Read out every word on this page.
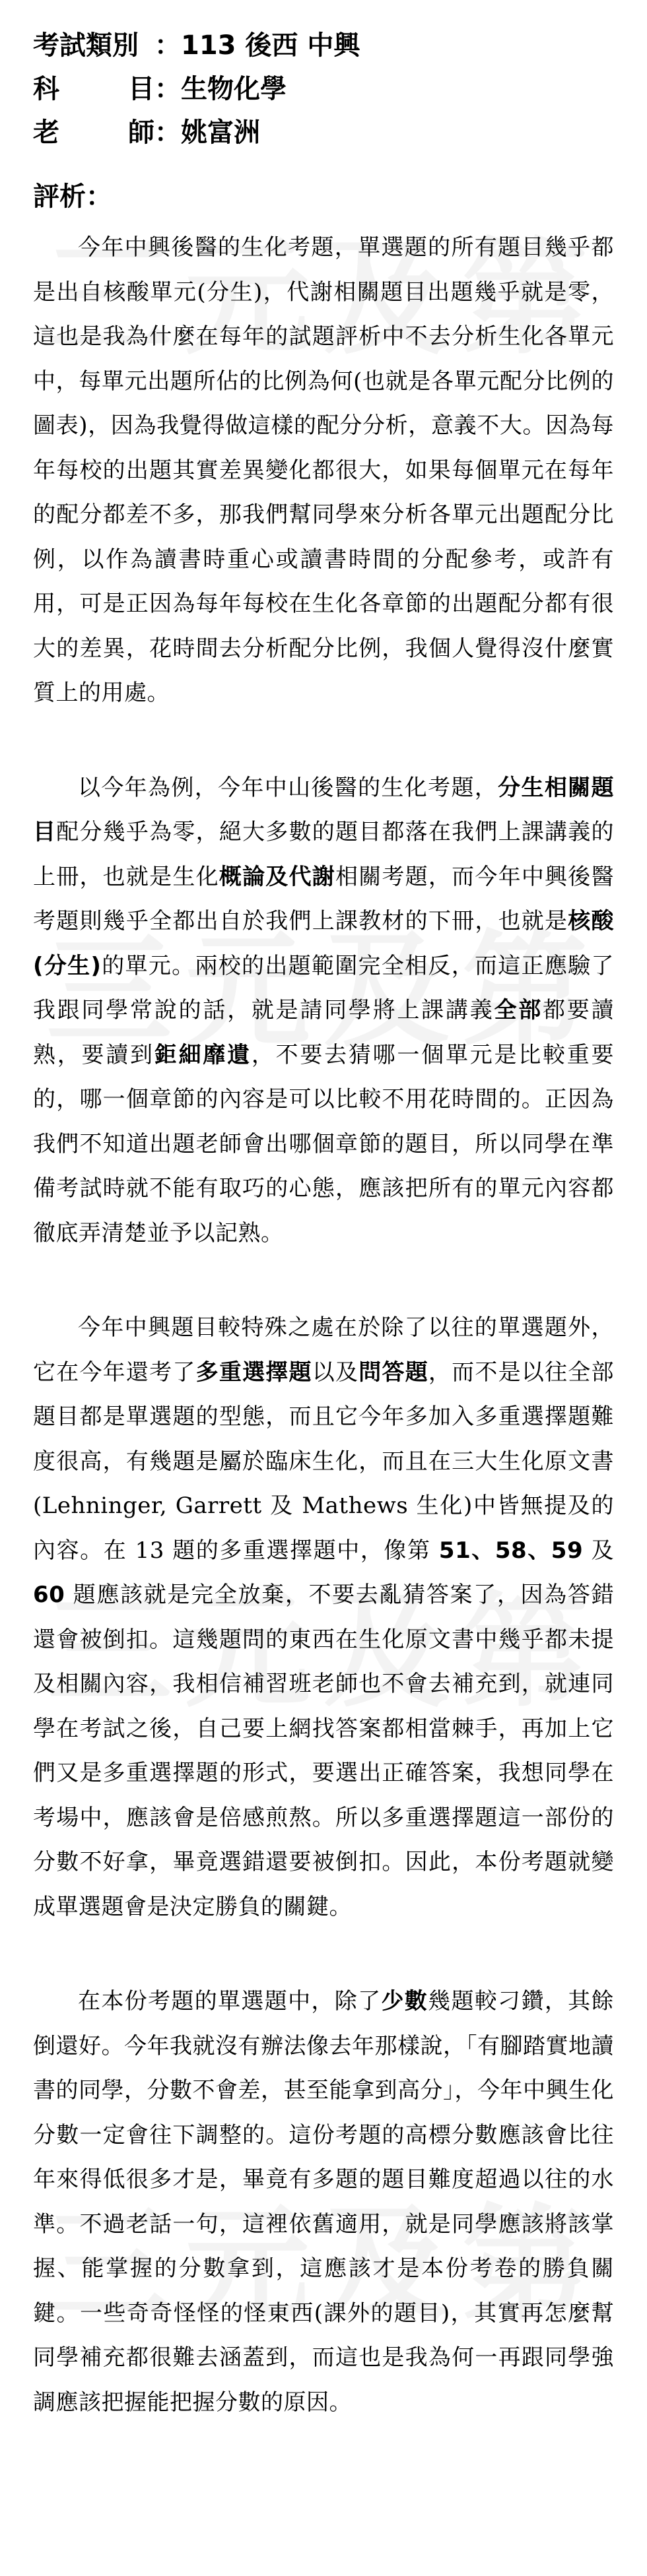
考試類別 ： 113 後西 中興
科	目 ： 生物化學
老	師 ： 姚富洲
評析：

今年中興後醫的生化考題，單選題的所有題目幾乎都是出自核酸單元(分生)，代謝相關題目出題幾乎就是零，這也是我為什麼在每年的試題評析中不去分析生化各單元中，每單元出題所佔的比例為何(也就是各單元配分比例的圖表)，因為我覺得做這樣的配分分析，意義不大。因為每年每校的出題其實差異變化都很大，如果每個單元在每年的配分都差不多，那我們幫同學來分析各單元出題配分比例，以作為讀書時重心或讀書時間的分配參考，或許有用，可是正因為每年每校在生化各章節的出題配分都有很大的差異，花時間去分析配分比例，我個人覺得沒什麼實質上的用處。

以今年為例，今年中山後醫的生化考題，分生相關題目配分幾乎為零，絕大多數的題目都落在我們上課講義的上冊，也就是生化概論及代謝相關考題，而今年中興後醫考題則幾乎全都出自於我們上課教材的下冊，也就是核酸(分生)的單元。兩校的出題範圍完全相反，而這正應驗了我跟同學常說的話，就是請同學將上課講義全部都要讀熟，要讀到鉅細靡遺，不要去猜哪一個單元是比較重要的，哪一個章節的內容是可以比較不用花時間的。正因為我們不知道出題老師會出哪個章節的題目，所以同學在準備考試時就不能有取巧的心態，應該把所有的單元內容都徹底弄清楚並予以記熟。

今年中興題目較特殊之處在於除了以往的單選題外，它在今年還考了多重選擇題以及問答題，而不是以往全部題目都是單選題的型態，而且它今年多加入多重選擇題難度很高，有幾題是屬於臨床生化，而且在三大生化原文書(Lehninger, Garrett 及 Mathews 生化)中皆無提及的內容。在 13 題的多重選擇題中，像第 51、58、59 及 60 題應該就是完全放棄，不要去亂猜答案了，因為答錯還會被倒扣。這幾題問的東西在生化原文書中幾乎都未提及相關內容，我相信補習班老師也不會去補充到，就連同學在考試之後，自己要上網找答案都相當棘手，再加上它們又是多重選擇題的形式，要選出正確答案，我想同學在考場中，應該會是倍感煎熬。所以多重選擇題這一部份的分數不好拿，畢竟選錯還要被倒扣。因此，本份考題就變成單選題會是決定勝負的關鍵。

在本份考題的單選題中，除了少數幾題較刁鑽，其餘倒還好。今年我就沒有辦法像去年那樣說，「有腳踏實地讀書的同學，分數不會差，甚至能拿到高分」，今年中興生化分數一定會往下調整的。這份考題的高標分數應該會比往年來得低很多才是，畢竟有多題的題目難度超過以往的水準。不過老話一句，這裡依舊適用，就是同學應該將該掌握、能掌握的分數拿到，這應該才是本份考卷的勝負關鍵。一些奇奇怪怪的怪東西(課外的題目)，其實再怎麼幫同學補充都很難去涵蓋到，而這也是我為何一再跟同學強調應該把握能把握分數的原因。
